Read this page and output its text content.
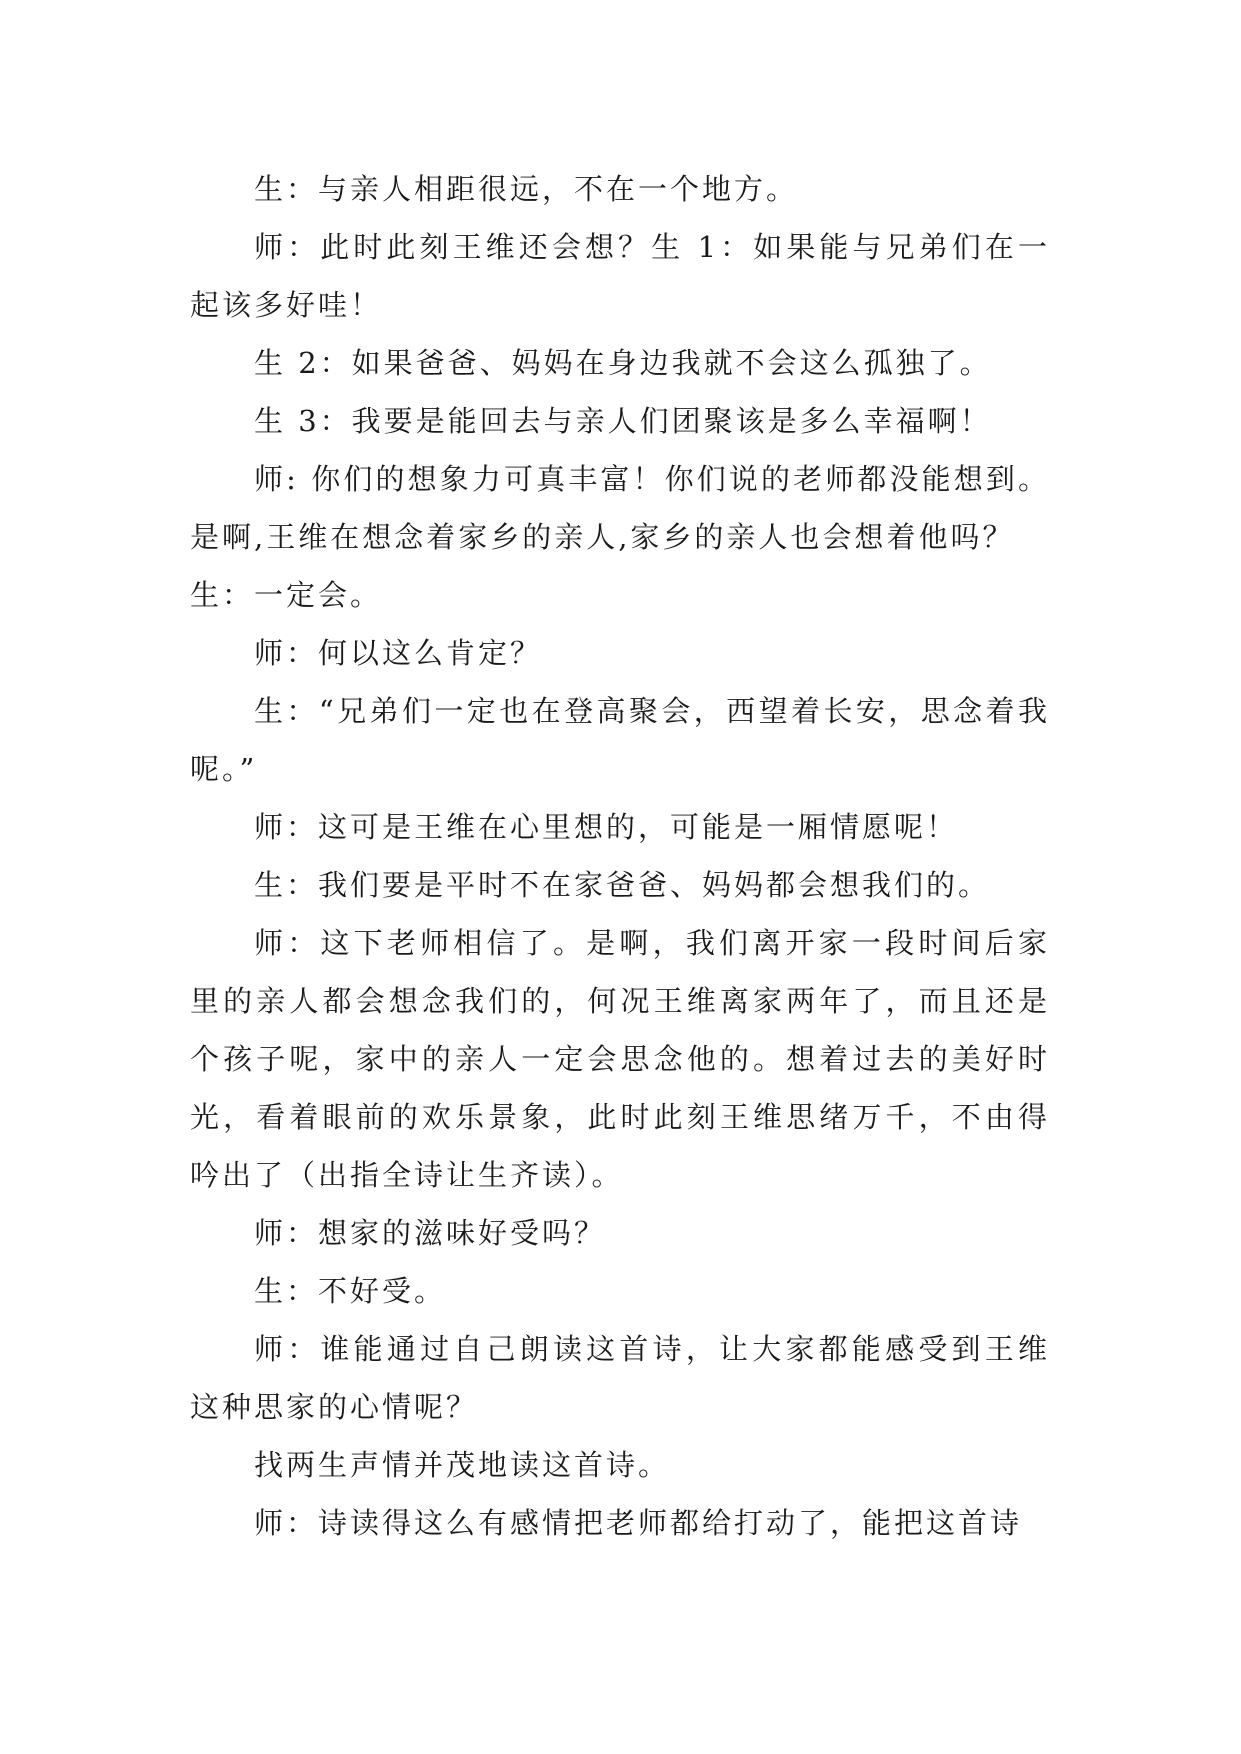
生：与亲人相距很远，不在一个地方。

师：此时此刻王维还会想？生 1：如果能与兄弟们在一起该多好哇！

生 2：如果爸爸、妈妈在身边我就不会这么孤独了。

生 3：我要是能回去与亲人们团聚该是多么幸福啊！

师: 你们的想象力可真丰富！你们说的老师都没能想到。是啊,王维在想念着家乡的亲人,家乡的亲人也会想着他吗？

生：一定会。

师：何以这么肯定？

生：“兄弟们一定也在登高聚会，西望着长安，思念着我呢。”

师：这可是王维在心里想的，可能是一厢情愿呢！

生：我们要是平时不在家爸爸、妈妈都会想我们的。

师：这下老师相信了。是啊，我们离开家一段时间后家里的亲人都会想念我们的，何况王维离家两年了，而且还是个孩子呢，家中的亲人一定会思念他的。想着过去的美好时光，看着眼前的欢乐景象，此时此刻王维思绪万千，不由得吟出了（出指全诗让生齐读）。

师：想家的滋味好受吗？

生：不好受。

师：谁能通过自己朗读这首诗，让大家都能感受到王维这种思家的心情呢？

找两生声情并茂地读这首诗。

师：诗读得这么有感情把老师都给打动了，能把这首诗
